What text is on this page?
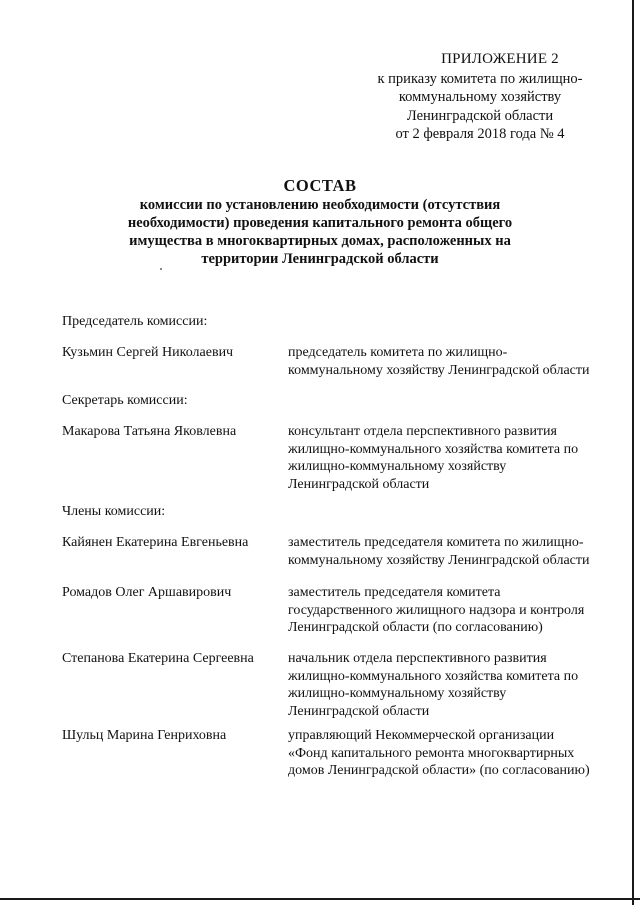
ПРИЛОЖЕНИЕ 2
к приказу комитета по жилищно-
коммунальному хозяйству
Ленинградской области
от 2 февраля 2018 года № 4
СОСТАВ
комиссии по установлению необходимости (отсутствия
необходимости) проведения капитального ремонта общего
имущества в многоквартирных домах, расположенных на
территории Ленинградской области
Председатель комиссии:
Кузьмин Сергей Николаевич	председатель комитета по жилищно-
коммунальному хозяйству Ленинградской области
Секретарь комиссии:
Макарова Татьяна Яковлевна	консультант отдела перспективного развития
жилищно-коммунального хозяйства комитета по
жилищно-коммунальному хозяйству
Ленинградской области
Члены комиссии:
Кайянен Екатерина Евгеньевна	заместитель председателя комитета по жилищно-
коммунальному хозяйству Ленинградской области
Ромадов Олег Аршавирович	заместитель председателя комитета
государственного жилищного надзора и контроля
Ленинградской области (по согласованию)
Степанова Екатерина Сергеевна	начальник отдела перспективного развития
жилищно-коммунального хозяйства комитета по
жилищно-коммунальному хозяйству
Ленинградской области
Шульц Марина Генриховна	управляющий Некоммерческой организации
«Фонд капитального ремонта многоквартирных
домов Ленинградской области» (по согласованию)
